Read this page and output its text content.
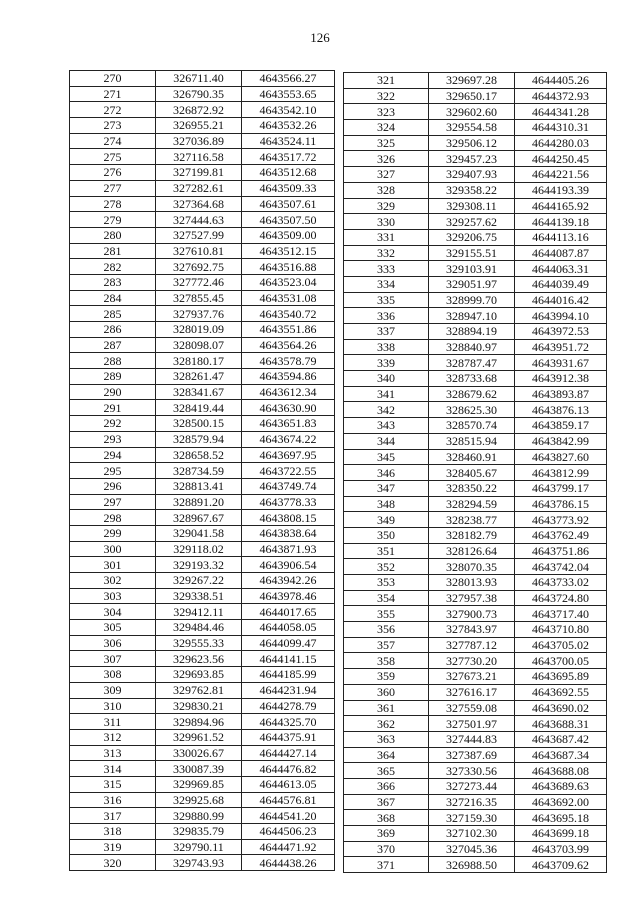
126
270	326711.40	4643566.27
271	326790.35	4643553.65
272	326872.92	4643542.10
273	326955.21	4643532.26
274	327036.89	4643524.11
275	327116.58	4643517.72
276	327199.81	4643512.68
277	327282.61	4643509.33
278	327364.68	4643507.61
279	327444.63	4643507.50
280	327527.99	4643509.00
281	327610.81	4643512.15
282	327692.75	4643516.88
283	327772.46	4643523.04
284	327855.45	4643531.08
285	327937.76	4643540.72
286	328019.09	4643551.86
287	328098.07	4643564.26
288	328180.17	4643578.79
289	328261.47	4643594.86
290	328341.67	4643612.34
291	328419.44	4643630.90
292	328500.15	4643651.83
293	328579.94	4643674.22
294	328658.52	4643697.95
295	328734.59	4643722.55
296	328813.41	4643749.74
297	328891.20	4643778.33
298	328967.67	4643808.15
299	329041.58	4643838.64
300	329118.02	4643871.93
301	329193.32	4643906.54
302	329267.22	4643942.26
303	329338.51	4643978.46
304	329412.11	4644017.65
305	329484.46	4644058.05
306	329555.33	4644099.47
307	329623.56	4644141.15
308	329693.85	4644185.99
309	329762.81	4644231.94
310	329830.21	4644278.79
311	329894.96	4644325.70
312	329961.52	4644375.91
313	330026.67	4644427.14
314	330087.39	4644476.82
315	329969.85	4644613.05
316	329925.68	4644576.81
317	329880.99	4644541.20
318	329835.79	4644506.23
319	329790.11	4644471.92
320	329743.93	4644438.26
321	329697.28	4644405.26
322	329650.17	4644372.93
323	329602.60	4644341.28
324	329554.58	4644310.31
325	329506.12	4644280.03
326	329457.23	4644250.45
327	329407.93	4644221.56
328	329358.22	4644193.39
329	329308.11	4644165.92
330	329257.62	4644139.18
331	329206.75	4644113.16
332	329155.51	4644087.87
333	329103.91	4644063.31
334	329051.97	4644039.49
335	328999.70	4644016.42
336	328947.10	4643994.10
337	328894.19	4643972.53
338	328840.97	4643951.72
339	328787.47	4643931.67
340	328733.68	4643912.38
341	328679.62	4643893.87
342	328625.30	4643876.13
343	328570.74	4643859.17
344	328515.94	4643842.99
345	328460.91	4643827.60
346	328405.67	4643812.99
347	328350.22	4643799.17
348	328294.59	4643786.15
349	328238.77	4643773.92
350	328182.79	4643762.49
351	328126.64	4643751.86
352	328070.35	4643742.04
353	328013.93	4643733.02
354	327957.38	4643724.80
355	327900.73	4643717.40
356	327843.97	4643710.80
357	327787.12	4643705.02
358	327730.20	4643700.05
359	327673.21	4643695.89
360	327616.17	4643692.55
361	327559.08	4643690.02
362	327501.97	4643688.31
363	327444.83	4643687.42
364	327387.69	4643687.34
365	327330.56	4643688.08
366	327273.44	4643689.63
367	327216.35	4643692.00
368	327159.30	4643695.18
369	327102.30	4643699.18
370	327045.36	4643703.99
371	326988.50	4643709.62
